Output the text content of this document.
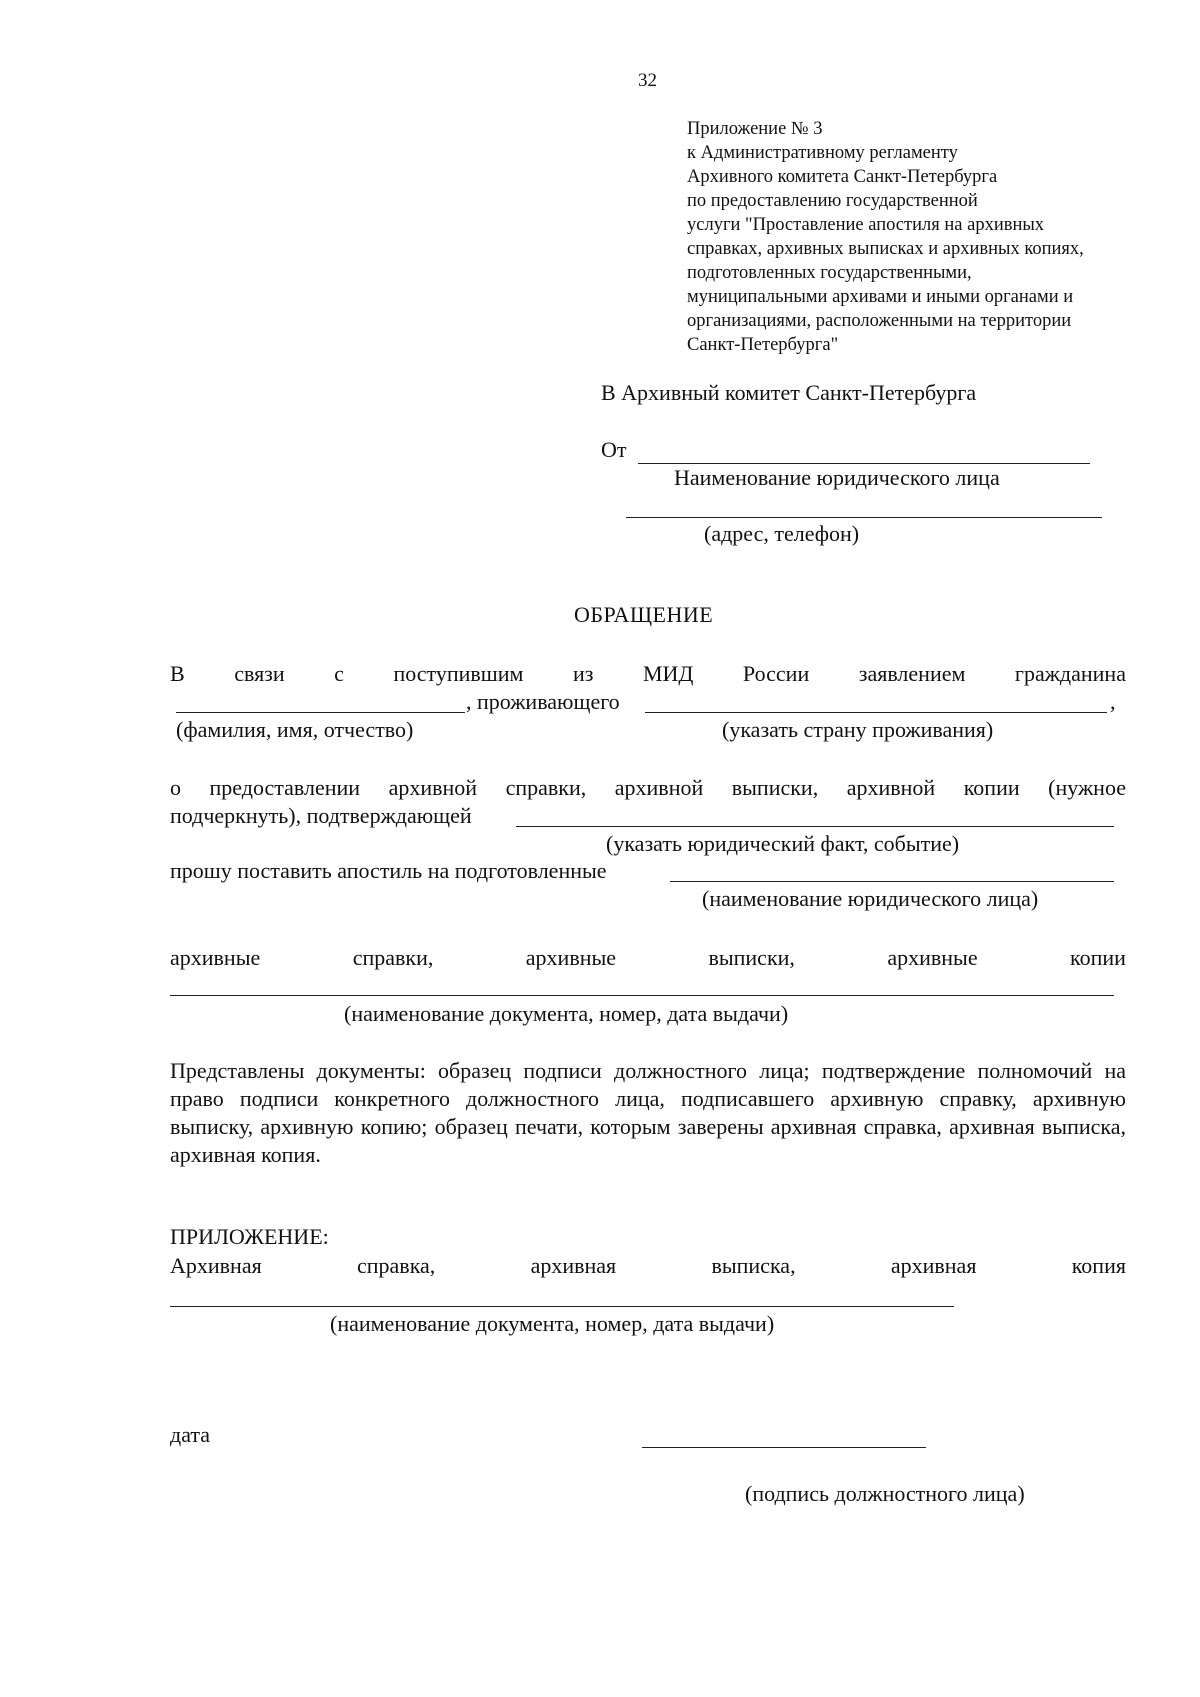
32
Приложение № 3
к Административному регламенту
Архивного комитета Санкт-Петербурга
по предоставлению государственной
услуги "Проставление апостиля на архивных
справках, архивных выписках и архивных копиях,
подготовленных государственными,
муниципальными архивами и иными органами и
организациями, расположенными на территории
Санкт-Петербурга"
В Архивный комитет Санкт-Петербурга
От
Наименование юридического лица
(адрес, телефон)
ОБРАЩЕНИЕ
В связи с поступившим из МИД России заявлением гражданина
, проживающего	,
(фамилия, имя, отчество)	(указать страну проживания)
о предоставлении архивной справки, архивной выписки, архивной копии (нужное
подчеркнуть), подтверждающей
(указать юридический факт, событие)
прошу поставить апостиль на подготовленные
(наименование юридического лица)
архивные	справки,	архивные	выписки,	архивные	копии
(наименование документа, номер, дата выдачи)
Представлены документы: образец подписи должностного лица; подтверждение полномочий на право подписи конкретного должностного лица, подписавшего архивную справку, архивную выписку, архивную копию; образец печати, которым заверены архивная справка, архивная выписка, архивная копия.
ПРИЛОЖЕНИЕ:
Архивная	справка,	архивная	выписка,	архивная	копия
(наименование документа, номер, дата выдачи)
дата
(подпись должностного лица)
